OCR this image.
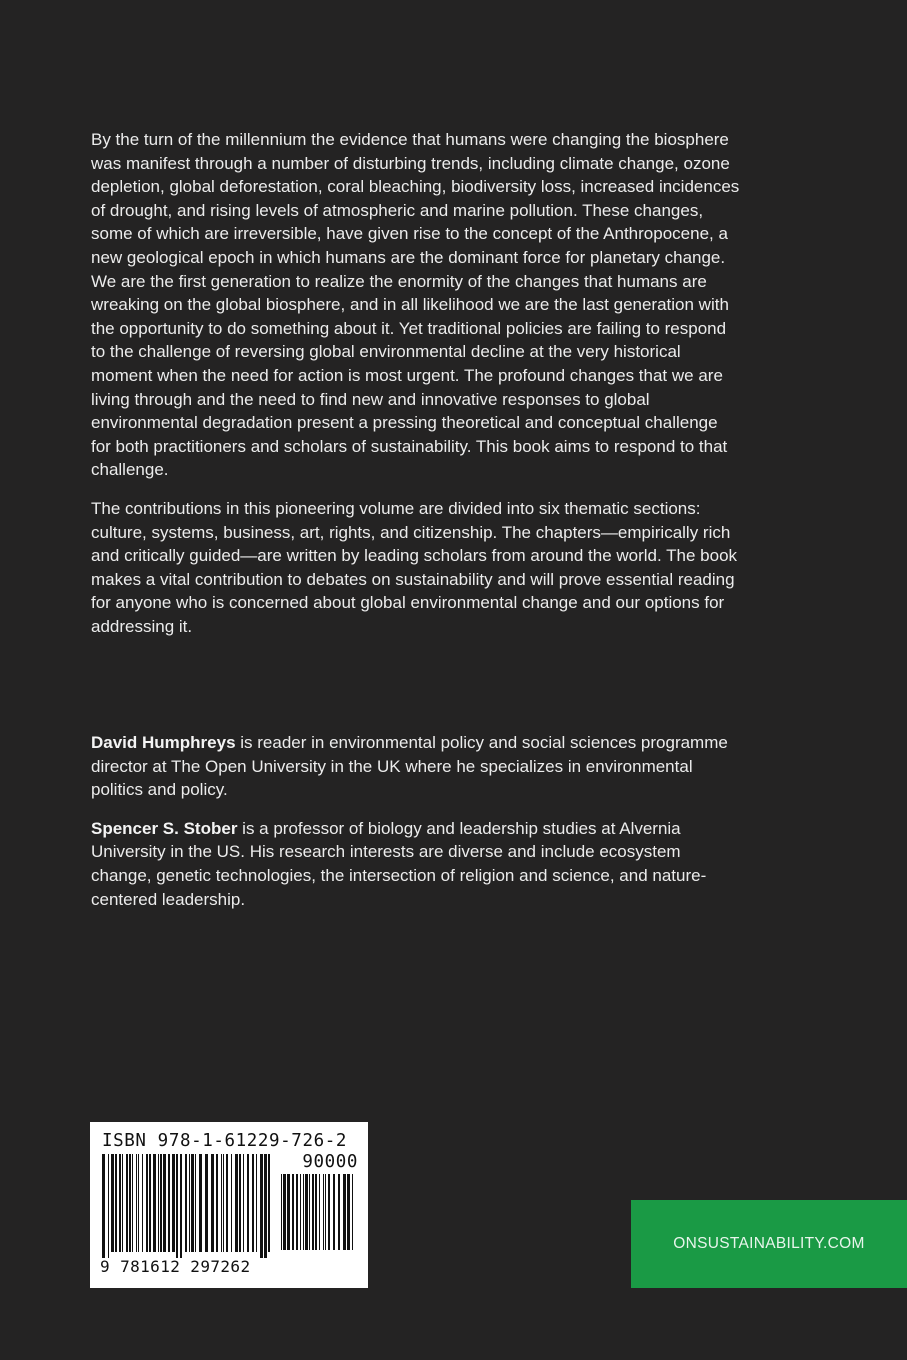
By the turn of the millennium the evidence that humans were changing the biosphere was manifest through a number of disturbing trends, including climate change, ozone depletion, global deforestation, coral bleaching, biodiversity loss, increased incidences of drought, and rising levels of atmospheric and marine pollution. These changes, some of which are irreversible, have given rise to the concept of the Anthropocene, a new geological epoch in which humans are the dominant force for planetary change. We are the first generation to realize the enormity of the changes that humans are wreaking on the global biosphere, and in all likelihood we are the last generation with the opportunity to do something about it. Yet traditional policies are failing to respond to the challenge of reversing global environmental decline at the very historical moment when the need for action is most urgent. The profound changes that we are living through and the need to find new and innovative responses to global environmental degradation present a pressing theoretical and conceptual challenge for both practitioners and scholars of sustainability. This book aims to respond to that challenge.

The contributions in this pioneering volume are divided into six thematic sections: culture, systems, business, art, rights, and citizenship. The chapters—empirically rich and critically guided—are written by leading scholars from around the world. The book makes a vital contribution to debates on sustainability and will prove essential reading for anyone who is concerned about global environmental change and our options for addressing it.

David Humphreys is reader in environmental policy and social sciences programme director at The Open University in the UK where he specializes in environmental politics and policy.

Spencer S. Stober is a professor of biology and leadership studies at Alvernia University in the US. His research interests are diverse and include ecosystem change, genetic technologies, the intersection of religion and science, and nature-centered leadership.

ISBN 978-1-61229-726-2
90000
9 781612 297262
ONSUSTAINABILITY.COM
